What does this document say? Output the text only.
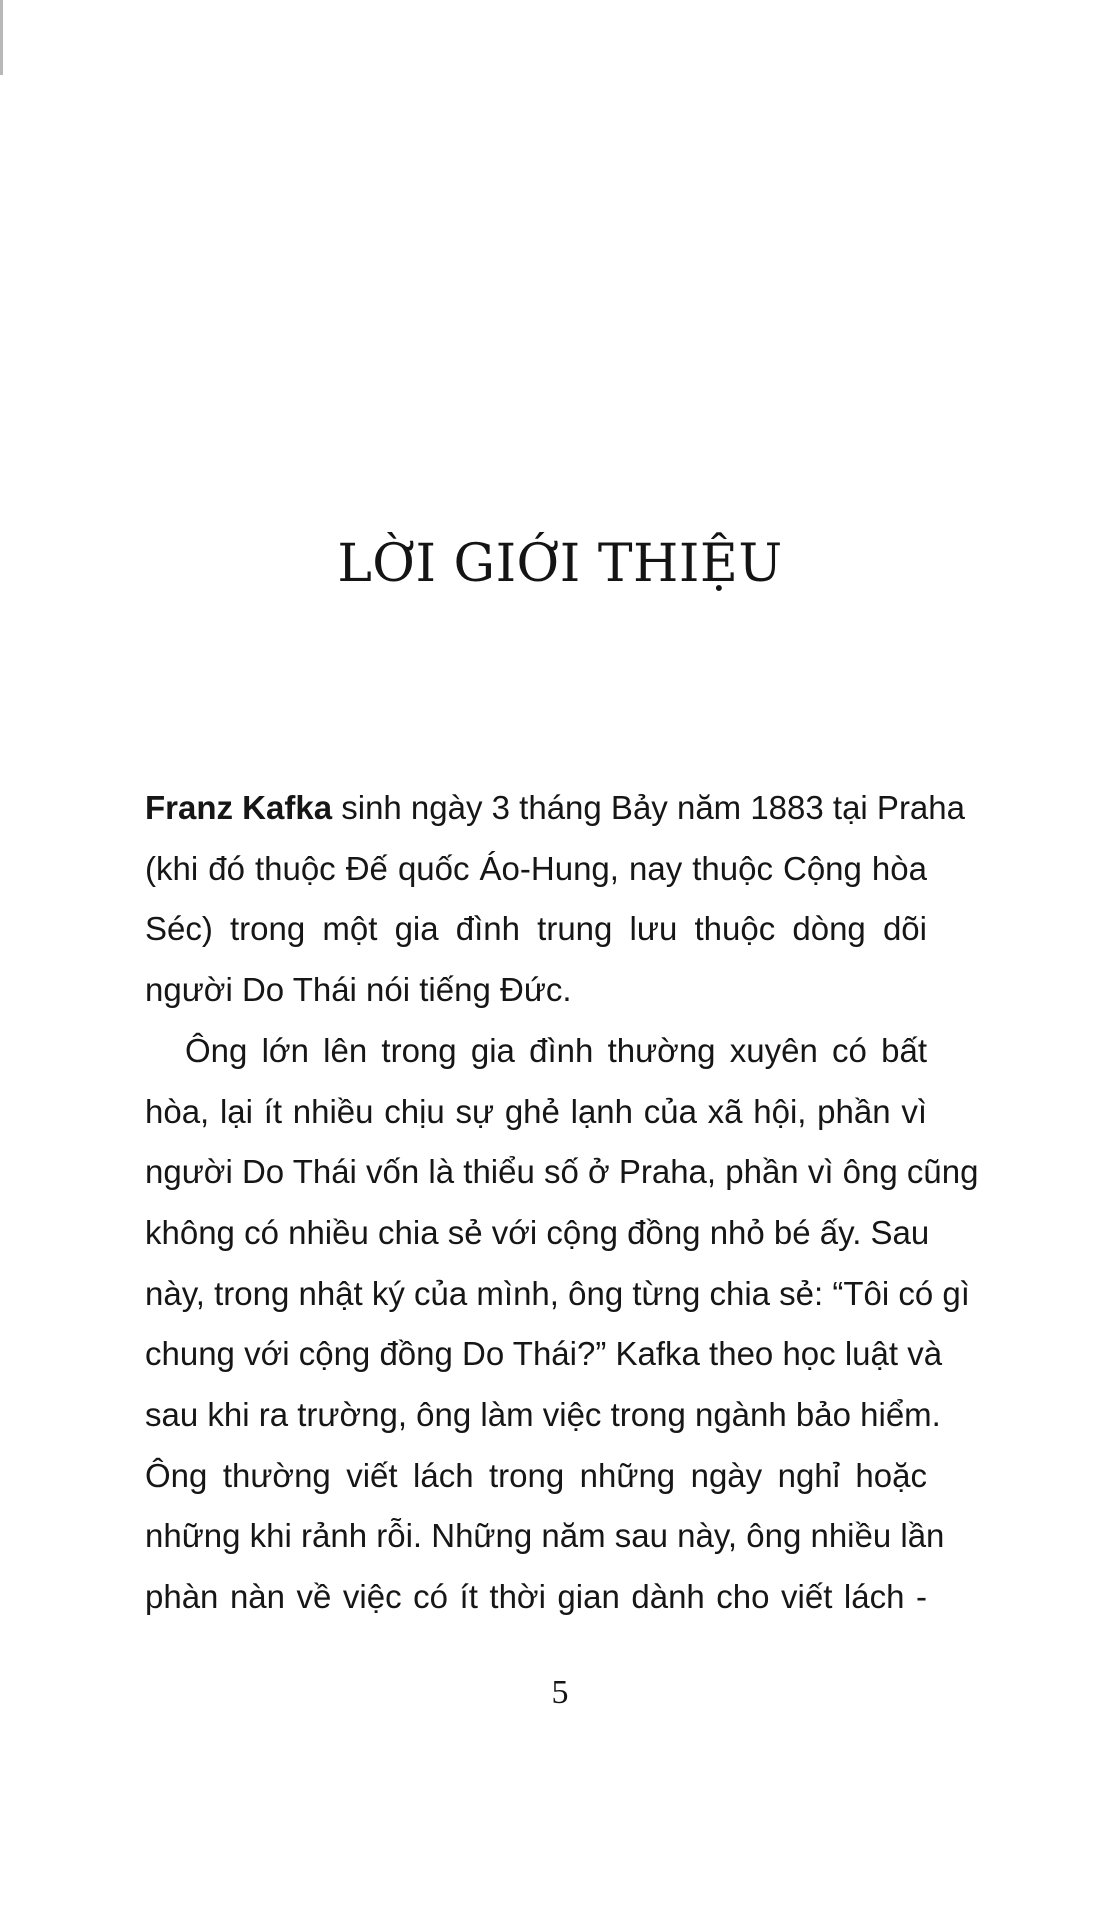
LỜI GIỚI THIỆU
Franz Kafka sinh ngày 3 tháng Bảy năm 1883 tại Praha
(khi đó thuộc Đế quốc Áo-Hung, nay thuộc Cộng hòa
Séc) trong một gia đình trung lưu thuộc dòng dõi
người Do Thái nói tiếng Đức.
Ông lớn lên trong gia đình thường xuyên có bất
hòa, lại ít nhiều chịu sự ghẻ lạnh của xã hội, phần vì
người Do Thái vốn là thiểu số ở Praha, phần vì ông cũng
không có nhiều chia sẻ với cộng đồng nhỏ bé ấy. Sau
này, trong nhật ký của mình, ông từng chia sẻ: “Tôi có gì
chung với cộng đồng Do Thái?” Kafka theo học luật và
sau khi ra trường, ông làm việc trong ngành bảo hiểm.
Ông thường viết lách trong những ngày nghỉ hoặc
những khi rảnh rỗi. Những năm sau này, ông nhiều lần
phàn nàn về việc có ít thời gian dành cho viết lách -
5
